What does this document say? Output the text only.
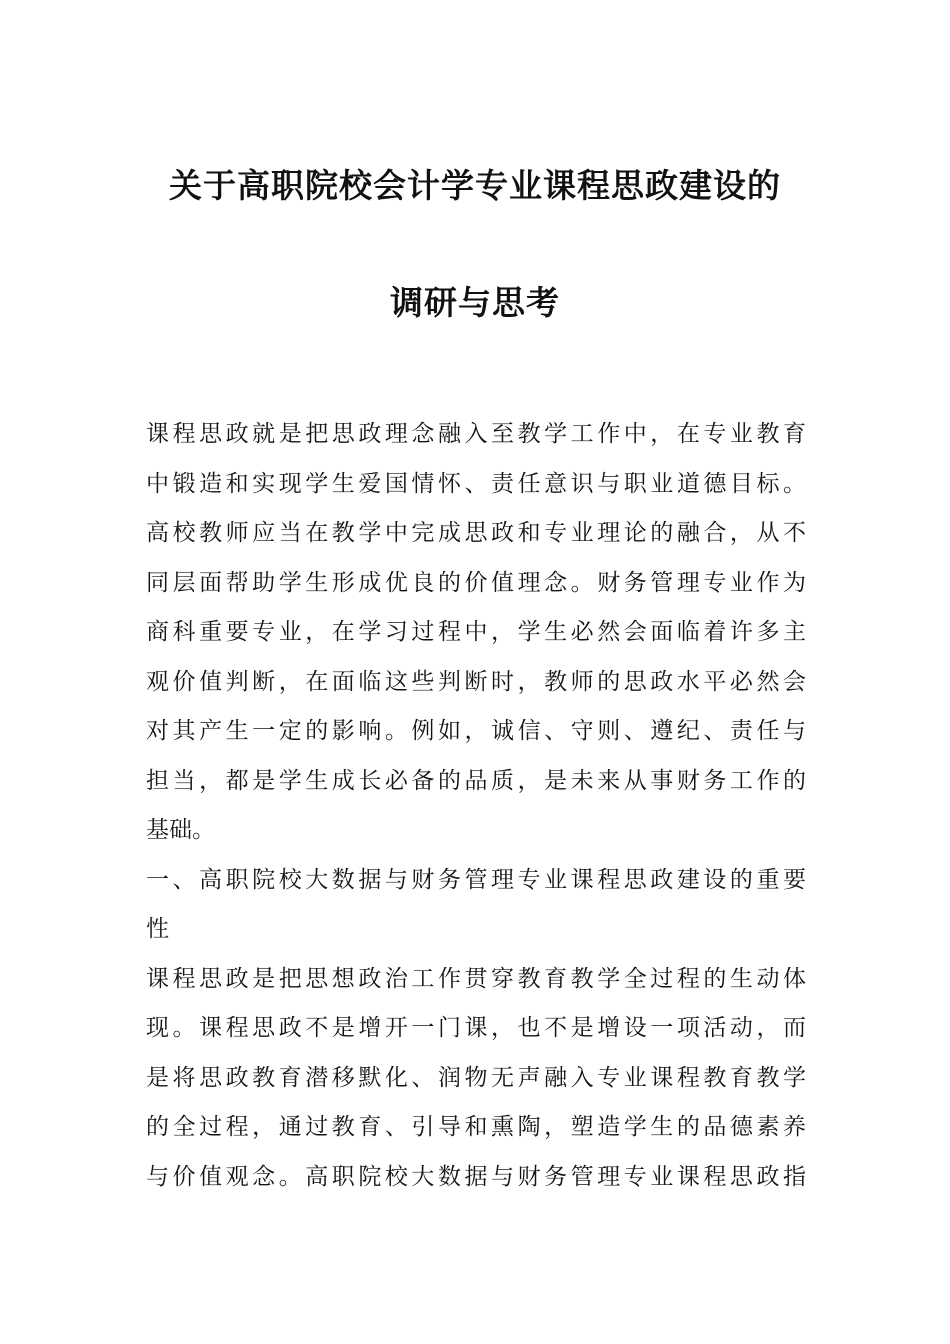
关于高职院校会计学专业课程思政建设的
调研与思考
课程思政就是把思政理念融入至教学工作中，在专业教育
中锻造和实现学生爱国情怀、责任意识与职业道德目标。
高校教师应当在教学中完成思政和专业理论的融合，从不
同层面帮助学生形成优良的价值理念。财务管理专业作为
商科重要专业，在学习过程中，学生必然会面临着许多主
观价值判断，在面临这些判断时，教师的思政水平必然会
对其产生一定的影响。例如，诚信、守则、遵纪、责任与
担当，都是学生成长必备的品质，是未来从事财务工作的
基础。
一、高职院校大数据与财务管理专业课程思政建设的重要
性
课程思政是把思想政治工作贯穿教育教学全过程的生动体
现。课程思政不是增开一门课，也不是增设一项活动，而
是将思政教育潜移默化、润物无声融入专业课程教育教学
的全过程，通过教育、引导和熏陶，塑造学生的品德素养
与价值观念。高职院校大数据与财务管理专业课程思政指
